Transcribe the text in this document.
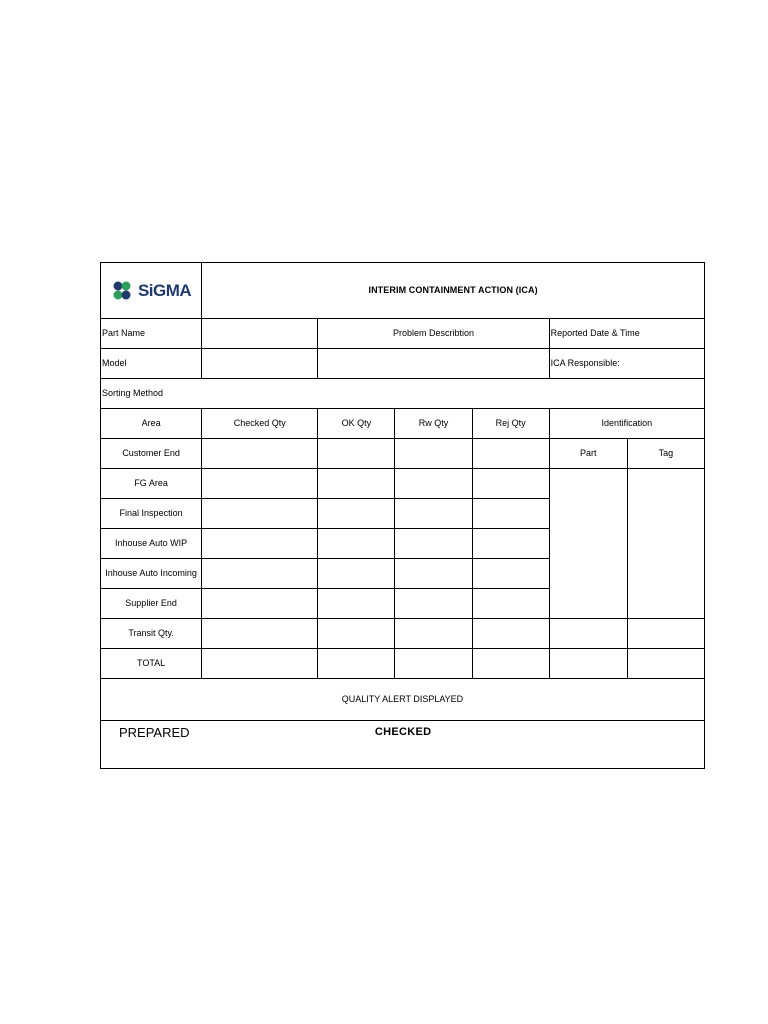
SiGMA	INTERIM CONTAINMENT ACTION (ICA)					
Part Name		Problem Describtion			Reported Date & Time	
Model					ICA Responsible:	
Sorting Method						
Area	Checked Qty	OK Qty	Rw Qty	Rej Qty	Identification	
Customer End					Part	Tag
FG Area						
Final Inspection						
Inhouse Auto WIP						
Inhouse Auto Incoming						
Supplier End						
Transit Qty.						
TOTAL						
QUALITY ALERT DISPLAYED						
PREPARED		CHECKED				
